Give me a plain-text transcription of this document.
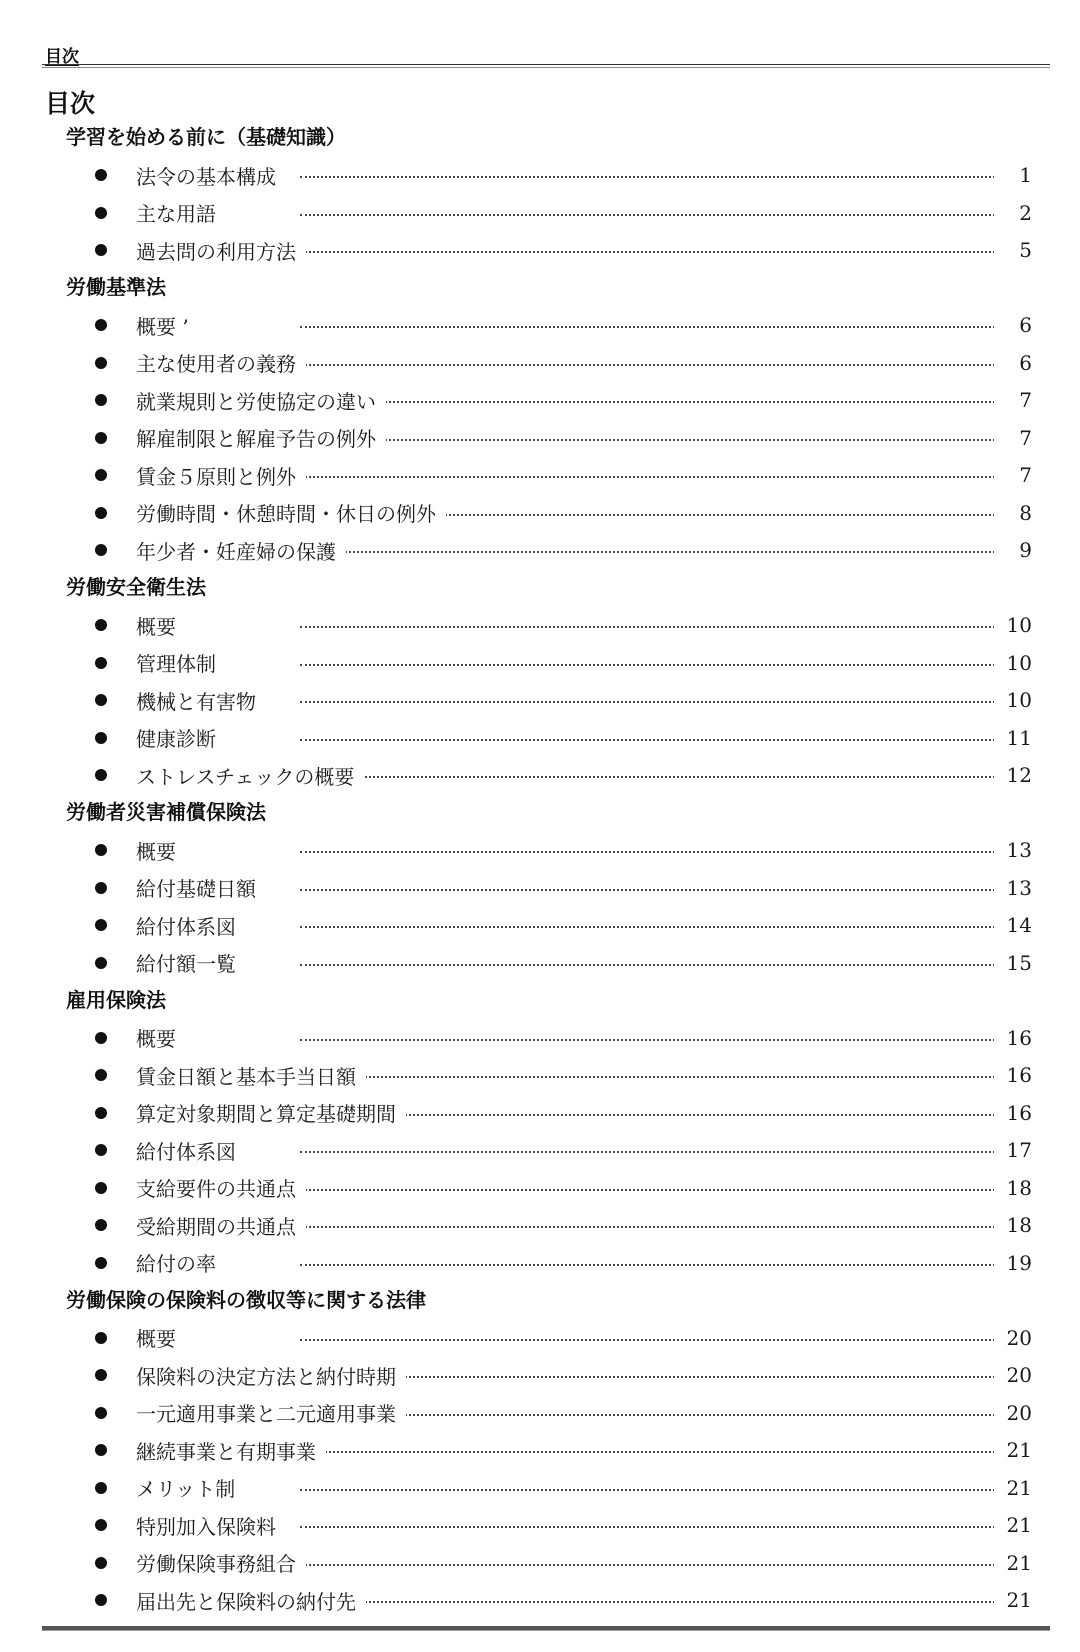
目次
目次
学習を始める前に（基礎知識）
法令の基本構成	1
主な用語	2
過去問の利用方法	5
労働基準法
概要 ’	6
主な使用者の義務	6
就業規則と労使協定の違い	7
解雇制限と解雇予告の例外	7
賃金５原則と例外	7
労働時間・休憩時間・休日の例外	8
年少者・妊産婦の保護	9
労働安全衛生法
概要	10
管理体制	10
機械と有害物	10
健康診断	11
ストレスチェックの概要	12
労働者災害補償保険法
概要	13
給付基礎日額	13
給付体系図	14
給付額一覧	15
雇用保険法
概要	16
賃金日額と基本手当日額	16
算定対象期間と算定基礎期間	16
給付体系図	17
支給要件の共通点	18
受給期間の共通点	18
給付の率	19
労働保険の保険料の徴収等に関する法律
概要	20
保険料の決定方法と納付時期	20
一元適用事業と二元適用事業	20
継続事業と有期事業	21
メリット制	21
特別加入保険料	21
労働保険事務組合	21
届出先と保険料の納付先	21
